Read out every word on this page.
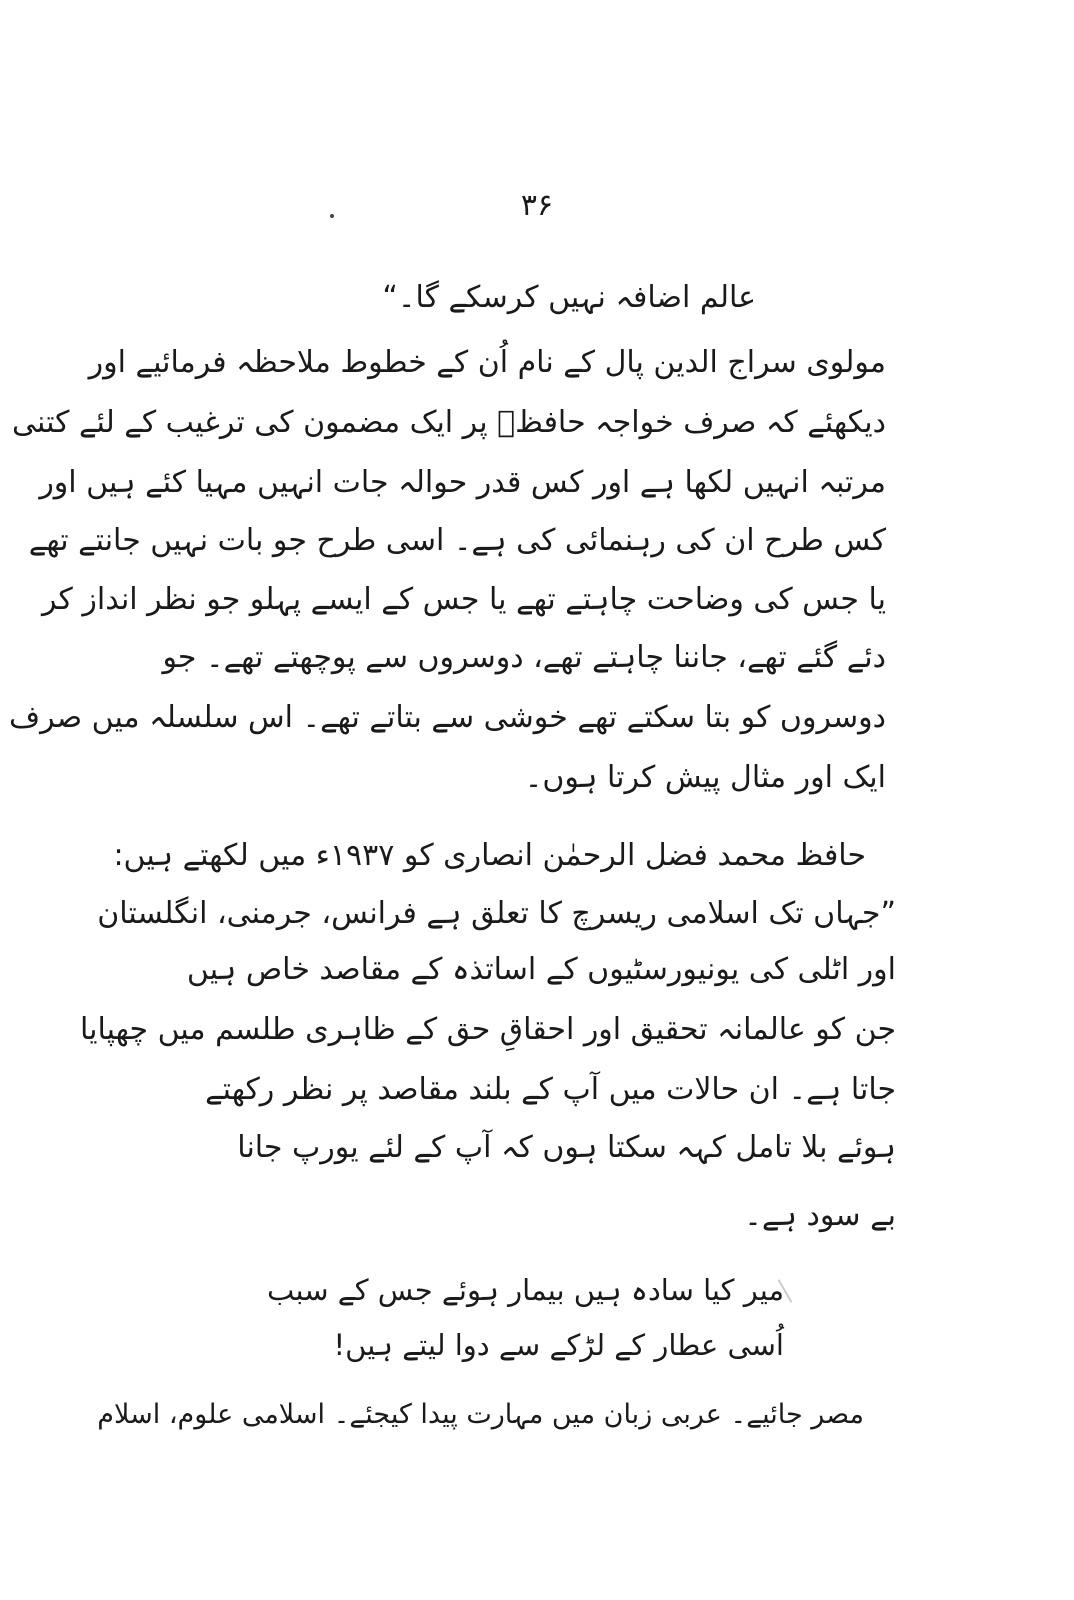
۳۶
عالم اضافہ نہیں کرسکے گا۔“
مولوی سراج الدین پال کے نام اُن کے خطوط ملاحظہ فرمائیے اور
دیکھئے کہ صرف خواجہ حافظؒ پر ایک مضمون کی ترغیب کے لئے کتنی
مرتبہ انہیں لکھا ہے اور کس قدر حوالہ جات انہیں مہیا کئے ہیں اور
کس طرح ان کی رہنمائی کی ہے۔ اسی طرح جو بات نہیں جانتے تھے
یا جس کی وضاحت چاہتے تھے یا جس کے ایسے پہلو جو نظر انداز کر
دئے گئے تھے، جاننا چاہتے تھے، دوسروں سے پوچھتے تھے۔ جو
دوسروں کو بتا سکتے تھے خوشی سے بتاتے تھے۔ اس سلسلہ میں صرف
ایک اور مثال پیش کرتا ہوں۔
حافظ محمد فضل الرحمٰن انصاری کو ۱۹۳۷ء میں لکھتے ہیں:
”جہاں تک اسلامی ریسرچ کا تعلق ہے فرانس، جرمنی، انگلستان
اور اٹلی کی یونیورسٹیوں کے اساتذہ کے مقاصد خاص ہیں
جن کو عالمانہ تحقیق اور احقاقِ حق کے ظاہری طلسم میں چھپایا
جاتا ہے۔ ان حالات میں آپ کے بلند مقاصد پر نظر رکھتے
ہوئے بلا تامل کہہ سکتا ہوں کہ آپ کے لئے یورپ جانا
بے سود ہے۔
میر کیا سادہ ہیں بیمار ہوئے جس کے سبب
اُسی عطار کے لڑکے سے دوا لیتے ہیں!
مصر جائیے۔ عربی زبان میں مہارت پیدا کیجئے۔ اسلامی علوم، اسلام
